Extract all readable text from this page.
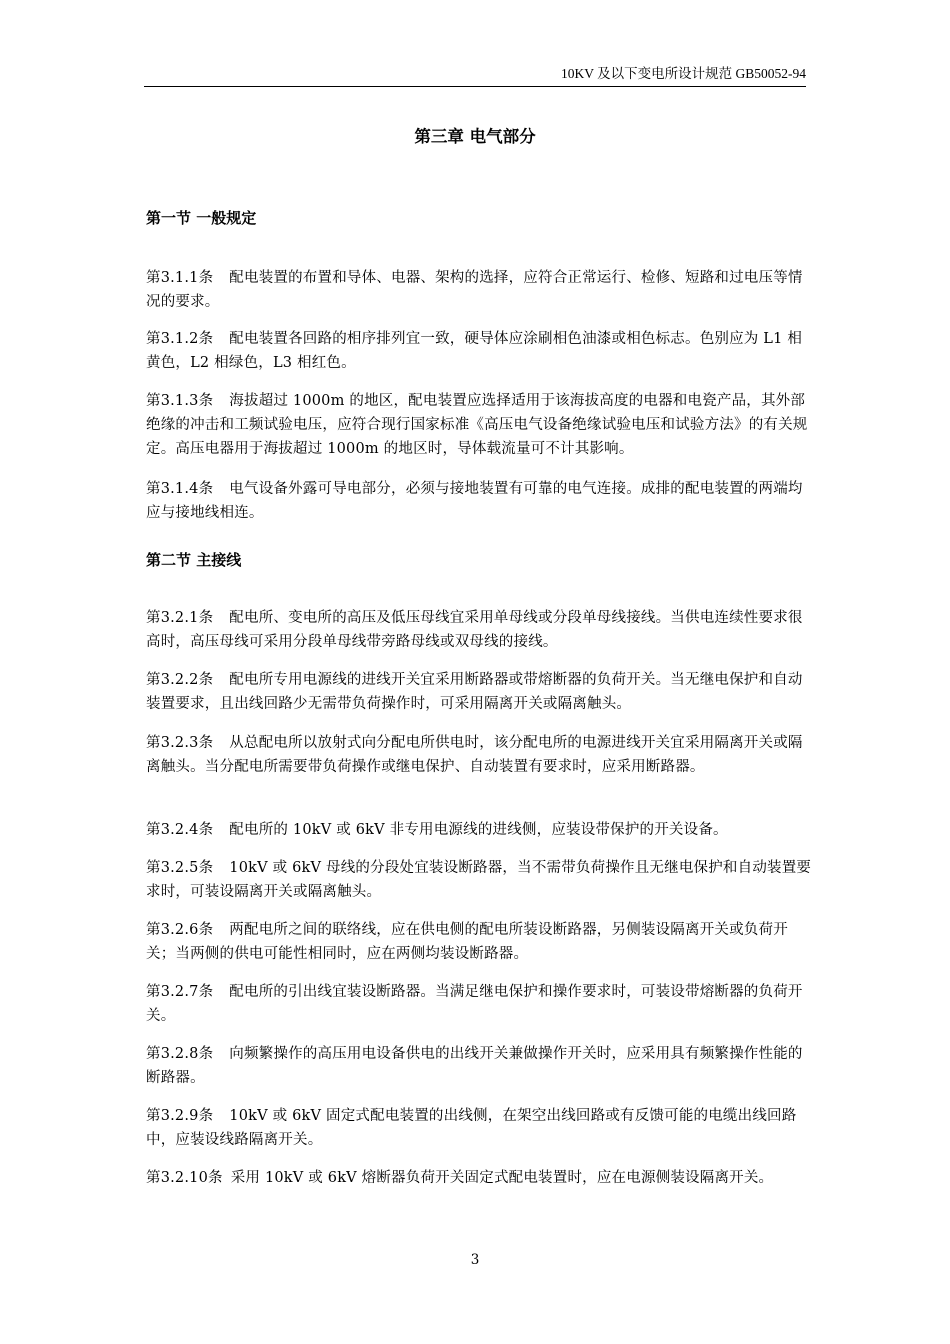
10KV 及以下变电所设计规范 GB50052-94
第三章 电气部分
第一节 一般规定
第3.1.1条 配电装置的布置和导体、电器、架构的选择，应符合正常运行、检修、短路和过电压等情况的要求。
第3.1.2条 配电装置各回路的相序排列宜一致，硬导体应涂刷相色油漆或相色标志。色别应为 L1 相黄色，L2 相绿色，L3 相红色。
第3.1.3条 海拔超过 1000m 的地区，配电装置应选择适用于该海拔高度的电器和电瓷产品，其外部绝缘的冲击和工频试验电压，应符合现行国家标准《高压电气设备绝缘试验电压和试验方法》的有关规定。高压电器用于海拔超过 1000m 的地区时，导体载流量可不计其影响。
第3.1.4条 电气设备外露可导电部分，必须与接地装置有可靠的电气连接。成排的配电装置的两端均应与接地线相连。
第二节 主接线
第3.2.1条 配电所、变电所的高压及低压母线宜采用单母线或分段单母线接线。当供电连续性要求很高时，高压母线可采用分段单母线带旁路母线或双母线的接线。
第3.2.2条 配电所专用电源线的进线开关宜采用断路器或带熔断器的负荷开关。当无继电保护和自动装置要求，且出线回路少无需带负荷操作时，可采用隔离开关或隔离触头。
第3.2.3条 从总配电所以放射式向分配电所供电时，该分配电所的电源进线开关宜采用隔离开关或隔离触头。当分配电所需要带负荷操作或继电保护、自动装置有要求时，应采用断路器。
第3.2.4条 配电所的 10kV 或 6kV 非专用电源线的进线侧，应装设带保护的开关设备。
第3.2.5条 10kV 或 6kV 母线的分段处宜装设断路器，当不需带负荷操作且无继电保护和自动装置要求时，可装设隔离开关或隔离触头。
第3.2.6条 两配电所之间的联络线，应在供电侧的配电所装设断路器，另侧装设隔离开关或负荷开关；当两侧的供电可能性相同时，应在两侧均装设断路器。
第3.2.7条 配电所的引出线宜装设断路器。当满足继电保护和操作要求时，可装设带熔断器的负荷开关。
第3.2.8条 向频繁操作的高压用电设备供电的出线开关兼做操作开关时，应采用具有频繁操作性能的断路器。
第3.2.9条 10kV 或 6kV 固定式配电装置的出线侧，在架空出线回路或有反馈可能的电缆出线回路中，应装设线路隔离开关。
第3.2.10条 采用 10kV 或 6kV 熔断器负荷开关固定式配电装置时，应在电源侧装设隔离开关。
3
